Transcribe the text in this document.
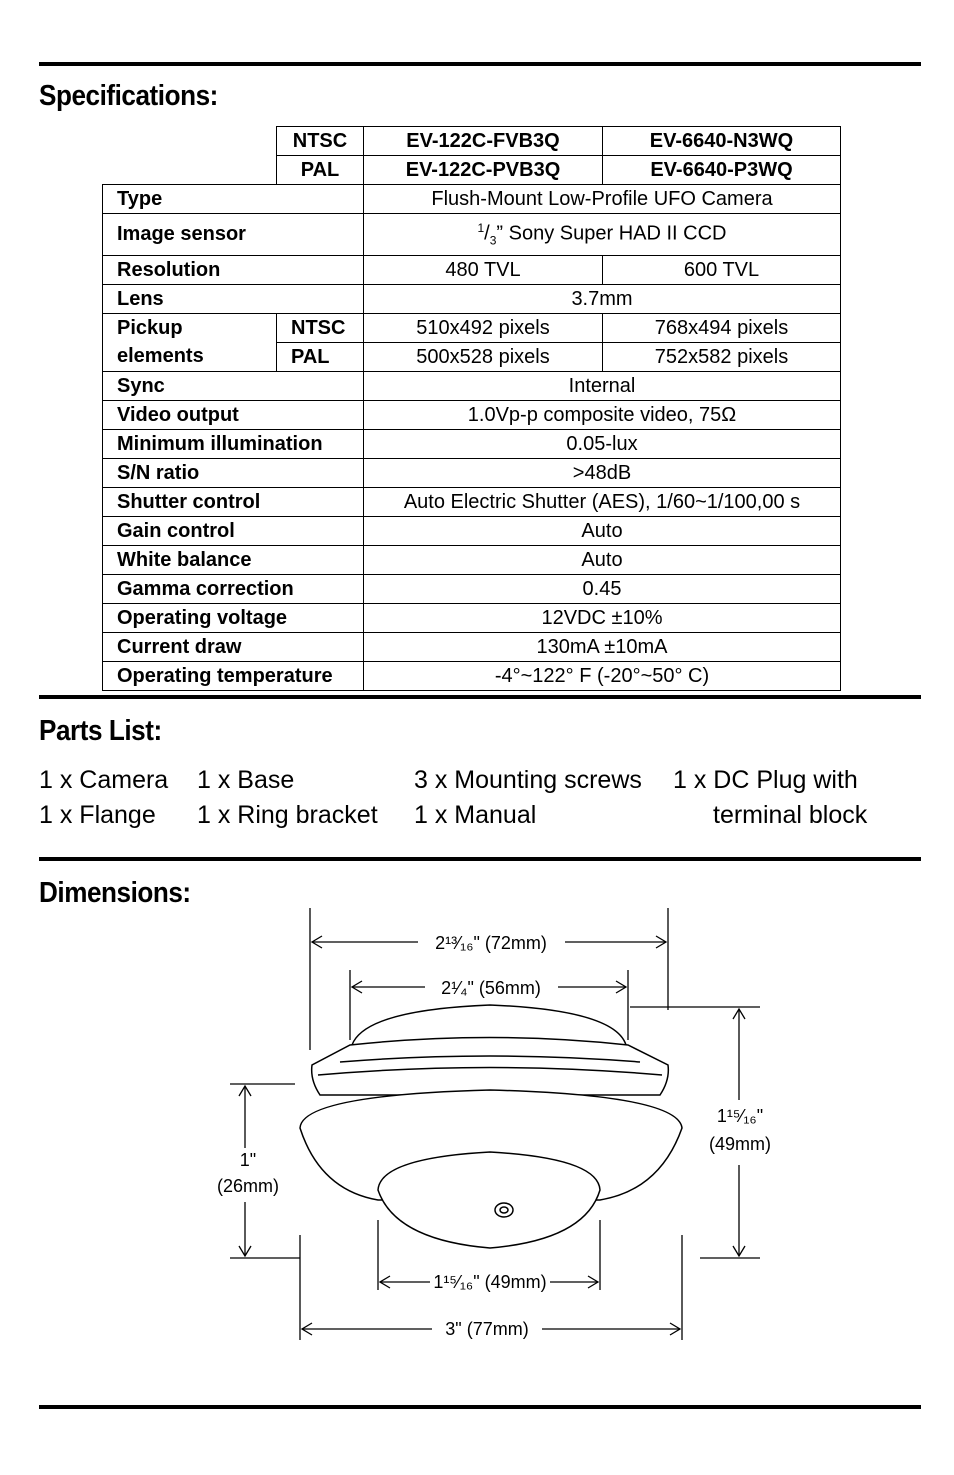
Specifications:
	NTSC	EV-122C-FVB3Q	EV-6640-N3WQ
	PAL	EV-122C-PVB3Q	EV-6640-P3WQ
Type		Flush-Mount Low-Profile UFO Camera	
Image sensor		$^1/_3$” Sony Super HAD II CCD	
Resolution		480 TVL	600 TVL
Lens		3.7mm	
Pickup	NTSC	510x492 pixels	768x494 pixels
elements	PAL	500x528 pixels	752x582 pixels
Sync		Internal	
Video output		1.0Vp-p composite video, 75Ω	
Minimum illumination		0.05-lux	
S/N ratio		>48dB	
Shutter control		Auto Electric Shutter (AES), 1/60~1/100,00 s	
Gain control		Auto	
White balance		Auto	
Gamma correction		0.45	
Operating voltage		12VDC ±10%	
Current draw		130mA ±10mA	
Operating temperature		-4°~122° F (-20°~50° C)	
Parts List:
1 x Camera
1 x Flange
1 x Base
1 x Ring bracket
3 x Mounting screws
1 x Manual
1 x DC Plug with
terminal block
Dimensions:
2¹³⁄₁₆" (72mm)
2¹⁄₄" (56mm)
1¹⁵⁄₁₆"
(49mm)
1"
(26mm)
1¹⁵⁄₁₆" (49mm)
3" (77mm)
